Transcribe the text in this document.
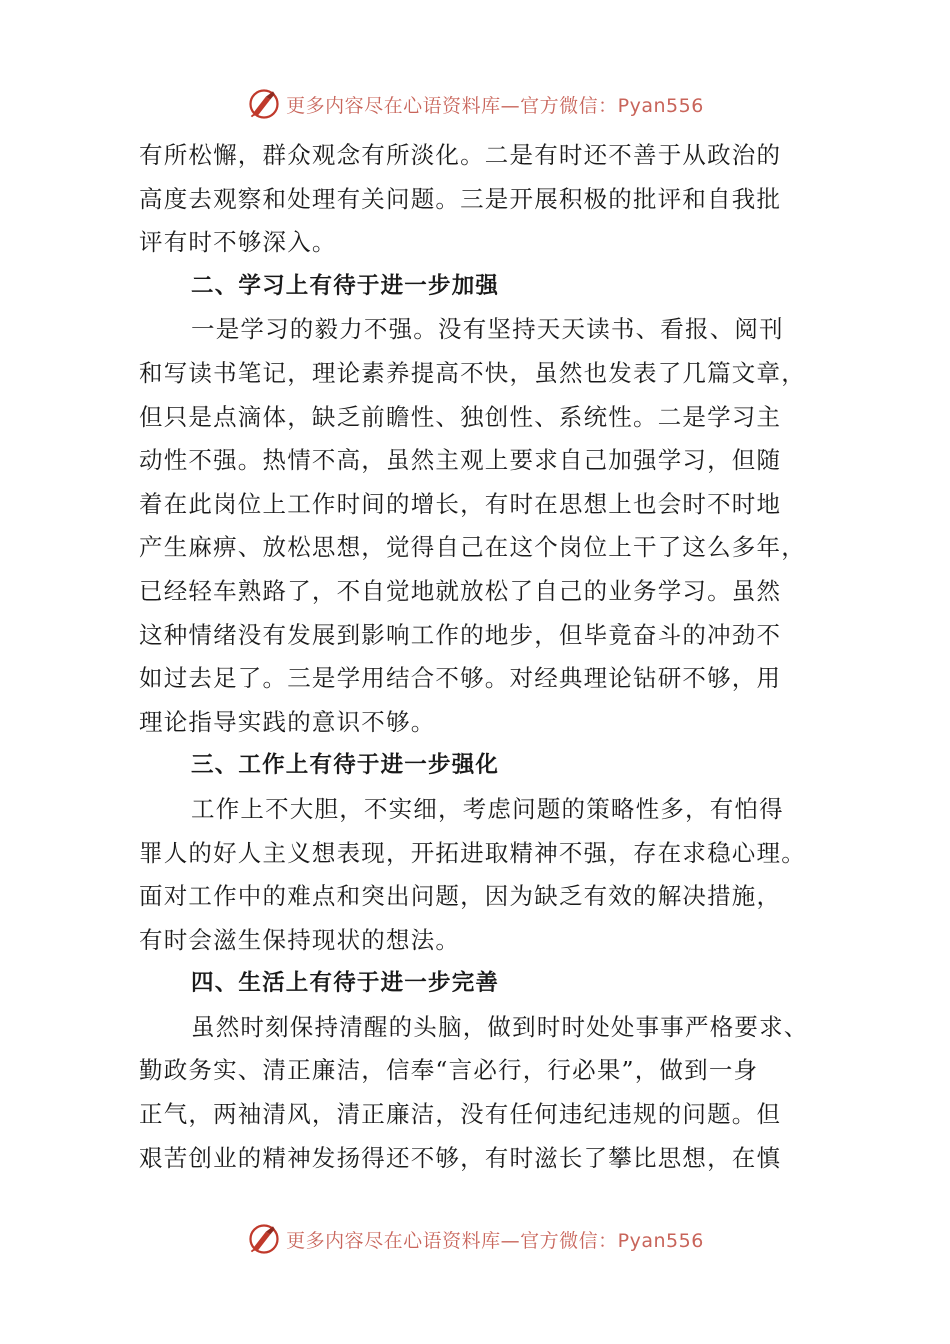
更多内容尽在心语资料库—官方微信：Pyan556
有所松懈，群众观念有所淡化。二是有时还不善于从政治的
高度去观察和处理有关问题。三是开展积极的批评和自我批
评有时不够深入。
二、学习上有待于进一步加强
一是学习的毅力不强。没有坚持天天读书、看报、阅刊
和写读书笔记，理论素养提高不快，虽然也发表了几篇文章，
但只是点滴体，缺乏前瞻性、独创性、系统性。二是学习主
动性不强。热情不高，虽然主观上要求自己加强学习，但随
着在此岗位上工作时间的增长，有时在思想上也会时不时地
产生麻痹、放松思想，觉得自己在这个岗位上干了这么多年，
已经轻车熟路了，不自觉地就放松了自己的业务学习。虽然
这种情绪没有发展到影响工作的地步，但毕竟奋斗的冲劲不
如过去足了。三是学用结合不够。对经典理论钻研不够，用
理论指导实践的意识不够。
三、工作上有待于进一步强化
工作上不大胆，不实细，考虑问题的策略性多，有怕得
罪人的好人主义想表现，开拓进取精神不强，存在求稳心理。
面对工作中的难点和突出问题，因为缺乏有效的解决措施，
有时会滋生保持现状的想法。
四、生活上有待于进一步完善
虽然时刻保持清醒的头脑，做到时时处处事事严格要求、
勤政务实、清正廉洁，信奉“言必行，行必果”，做到一身
正气，两袖清风，清正廉洁，没有任何违纪违规的问题。但
艰苦创业的精神发扬得还不够，有时滋长了攀比思想，在慎
更多内容尽在心语资料库—官方微信：Pyan556
